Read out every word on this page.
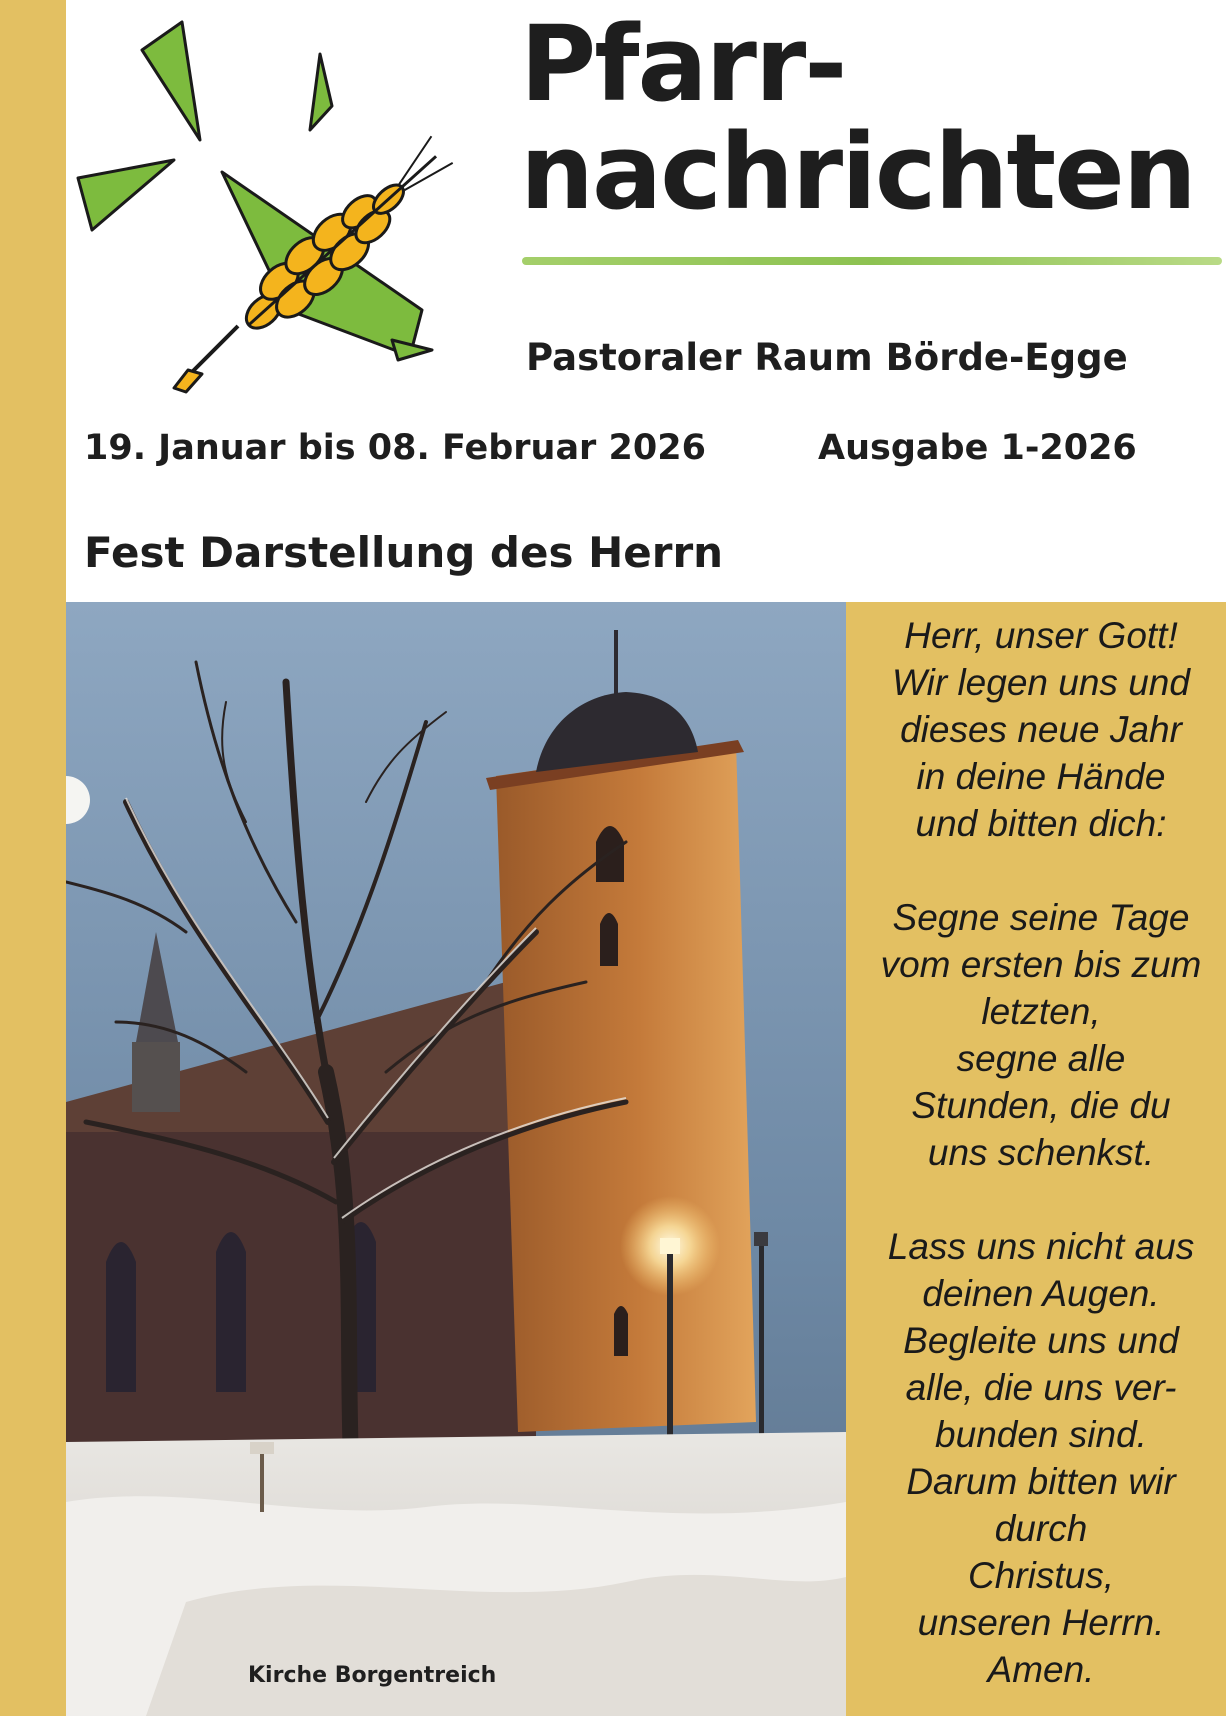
Pfarr-
nachrichten

Pastoraler Raum Börde-Egge

19. Januar bis 08. Februar 2026	Ausgabe 1-2026

Fest Darstellung des Herrn

Kirche Borgentreich

Herr, unser Gott!
Wir legen uns und
dieses neue Jahr
in deine Hände
und bitten dich:

Segne seine Tage
vom ersten bis zum
letzten,
segne alle
Stunden, die du
uns schenkst.

Lass uns nicht aus
deinen Augen.
Begleite uns und
alle, die uns ver-
bunden sind.
Darum bitten wir
durch
Christus,
unseren Herrn.
Amen.
